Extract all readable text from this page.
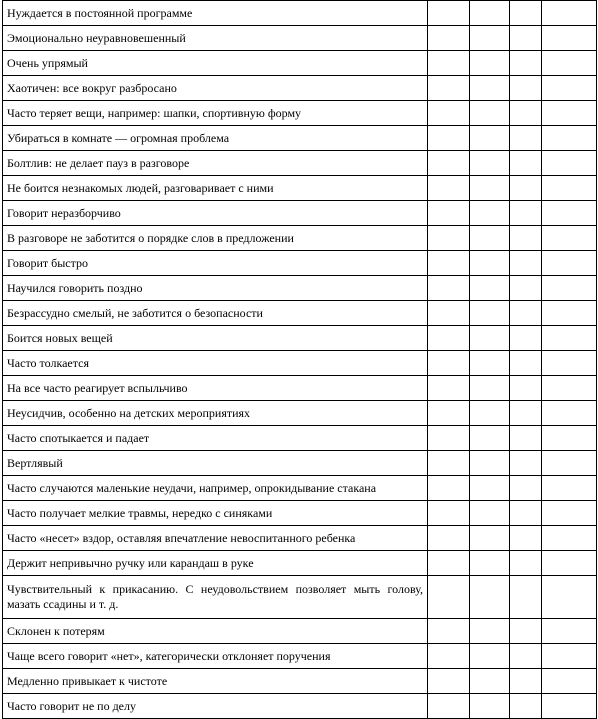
Нуждается в постоянной программе				
Эмоционально неуравновешенный				
Очень упрямый				
Хаотичен: все вокруг разбросано				
Часто теряет вещи, например: шапки, спортивную форму				
Убираться в комнате — огромная проблема				
Болтлив: не делает пауз в разговоре				
Не боится незнакомых людей, разговаривает с ними				
Говорит неразборчиво				
В разговоре не заботится о порядке слов в предложении				
Говорит быстро				
Научился говорить поздно				
Безрассудно смелый, не заботится о безопасности				
Боится новых вещей				
Часто толкается				
На все часто реагирует вспыльчиво				
Неусидчив, особенно на детских мероприятиях				
Часто спотыкается и падает				
Вертлявый				
Часто случаются маленькие неудачи, например, опрокидывание стакана				
Часто получает мелкие травмы, нередко с синяками				
Часто «несет» вздор, оставляя впечатление невоспитанного ребенка				
Держит непривычно ручку или карандаш в руке				
Чувствительный к прикасанию. С неудовольствием позволяет мыть голову, мазать ссадины и т. д.				
Склонен к потерям				
Чаще всего говорит «нет», категорически отклоняет поручения				
Медленно привыкает к чистоте				
Часто говорит не по делу				
